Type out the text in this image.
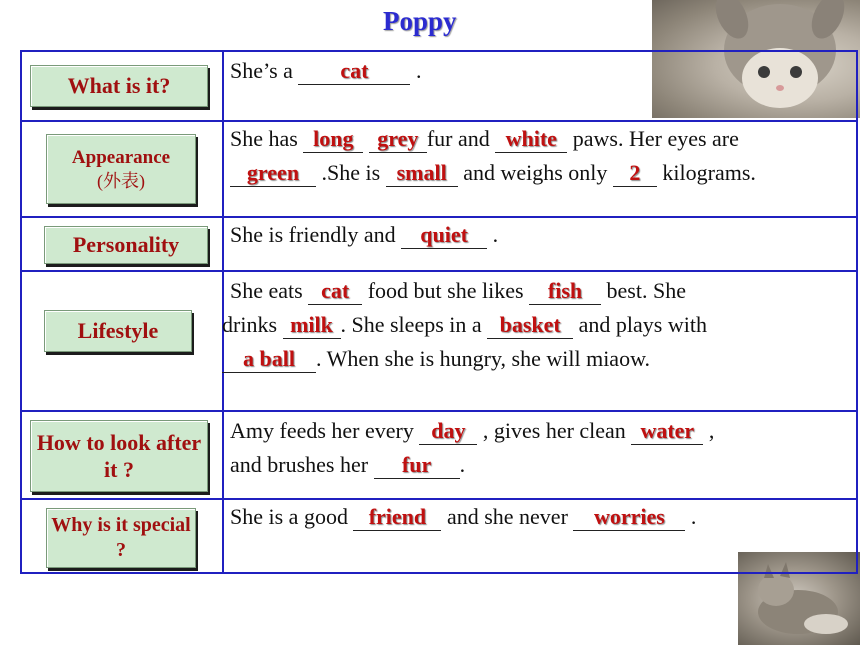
Poppy
What is it?
She’s a cat .
Appearance
(外表)
She has long grey fur and white paws. Her eyes are
green .She is small and weighs only 2 kilograms.
Personality She is friendly and quiet .
Lifestyle
She eats cat food but she likes fish best. She
drinks milk . She sleeps in a basket and plays with
a ball . When she is hungry, she will miaow.
How to look after it ?
Amy feeds her every day , gives her clean water ,
and brushes her fur .
Why is it special ?
She is a good friend and she never worries .
